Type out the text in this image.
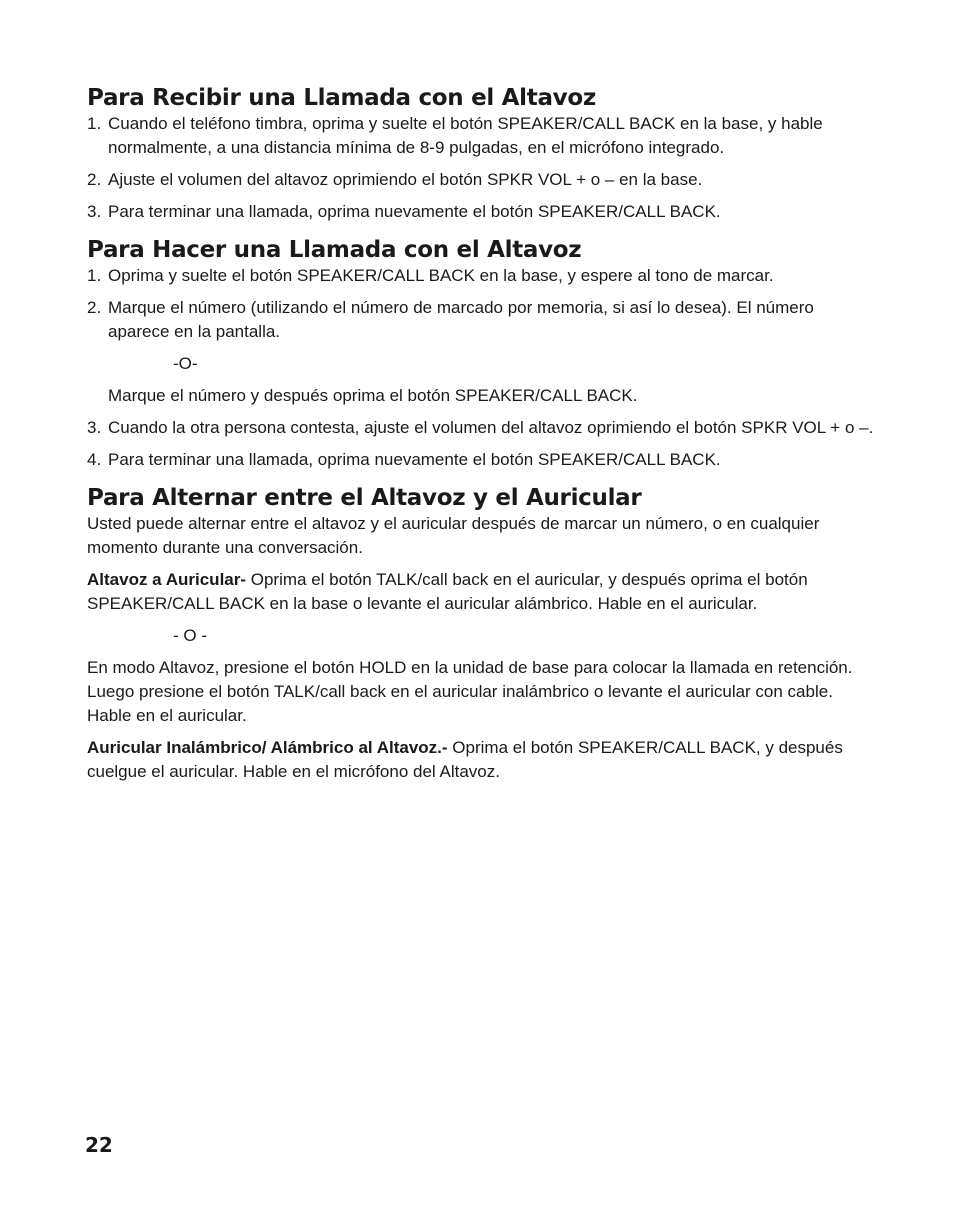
Para Recibir una Llamada con el Altavoz
1. Cuando el teléfono timbra, oprima y suelte el botón SPEAKER/CALL BACK en la base, y hable normalmente, a una distancia mínima de 8-9 pulgadas, en el micrófono integrado.
2. Ajuste el volumen del altavoz oprimiendo el botón SPKR VOL + o – en la base.
3. Para terminar una llamada, oprima nuevamente el botón SPEAKER/CALL BACK.
Para Hacer una Llamada con el Altavoz
1. Oprima y suelte el botón SPEAKER/CALL BACK en la base, y espere al tono de marcar.
2. Marque el número (utilizando el número de marcado por memoria, si así lo desea). El número aparece en la pantalla.
-O-
Marque el número y después oprima el botón SPEAKER/CALL BACK.
3. Cuando la otra persona contesta, ajuste el volumen del altavoz oprimiendo el botón SPKR VOL + o –.
4. Para terminar una llamada, oprima nuevamente el botón SPEAKER/CALL BACK.
Para Alternar entre el Altavoz y el Auricular

Usted puede alternar entre el altavoz y el auricular después de marcar un número, o en cualquier momento durante una conversación.

Altavoz a Auricular- Oprima el botón TALK/call back en el auricular, y después oprima el botón SPEAKER/CALL BACK en la base o levante el auricular alámbrico. Hable en el auricular.

- O -

En modo Altavoz, presione el botón HOLD en la unidad de base para colocar la llamada en retención. Luego presione el botón TALK/call back en el auricular inalámbrico o levante el auricular con cable. Hable en el auricular.

Auricular Inalámbrico/ Alámbrico al Altavoz.- Oprima el botón SPEAKER/CALL BACK, y después cuelgue el auricular. Hable en el micrófono del Altavoz.

22
